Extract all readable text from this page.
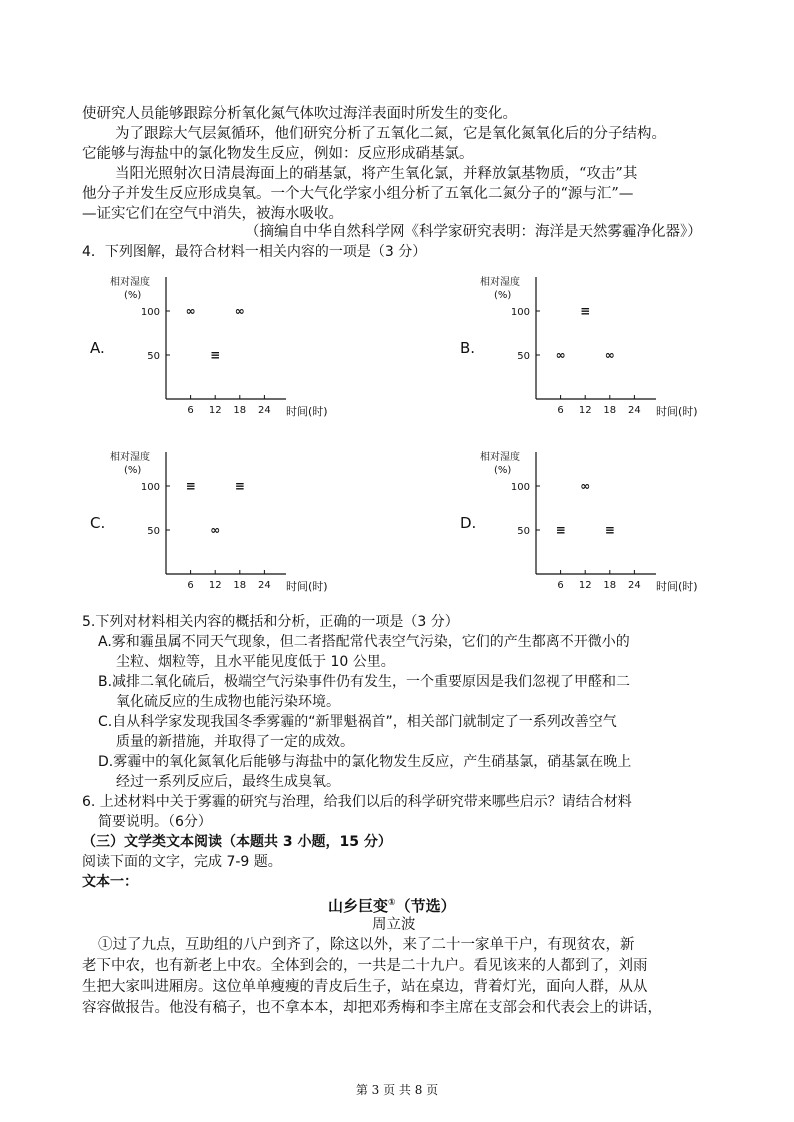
使研究人员能够跟踪分析氧化氮气体吹过海洋表面时所发生的变化。
为了跟踪大气层氮循环，他们研究分析了五氧化二氮，它是氧化氮氧化后的分子结构。
它能够与海盐中的氯化物发生反应，例如：反应形成硝基氯。
当阳光照射次日清晨海面上的硝基氯，将产生氧化氯，并释放氯基物质，“攻击”其
他分子并发生反应形成臭氧。一个大气化学家小组分析了五氧化二氮分子的“源与汇”—
—证实它们在空气中消失，被海水吸收。
（摘编自中华自然科学网《科学家研究表明：海洋是天然雾霾净化器》）
4．下列图解，最符合材料一相关内容的一项是（3 分）
A.
相对湿度
(%)
100
50
6 12 18 24 时间(时)
∞
≡
∞
B.
相对湿度
(%)
100
50
6 12 18 24 时间(时)
∞
≡
∞
C.
相对湿度
(%)
100
50
6 12 18 24 时间(时)
≡
∞
≡
D.
相对湿度
(%)
100
50
6 12 18 24 时间(时)
≡
∞
≡
5.下列对材料相关内容的概括和分析，正确的一项是（3 分）
A.雾和霾虽属不同天气现象，但二者搭配常代表空气污染，它们的产生都离不开微小的
尘粒、烟粒等，且水平能见度低于 10 公里。
B.减排二氧化硫后，极端空气污染事件仍有发生，一个重要原因是我们忽视了甲醛和二
氧化硫反应的生成物也能污染环境。
C.自从科学家发现我国冬季雾霾的“新罪魁祸首”，相关部门就制定了一系列改善空气
质量的新措施，并取得了一定的成效。
D.雾霾中的氧化氮氧化后能够与海盐中的氯化物发生反应，产生硝基氯，硝基氯在晚上
经过一系列反应后，最终生成臭氧。
6. 上述材料中关于雾霾的研究与治理，给我们以后的科学研究带来哪些启示？请结合材料
简要说明。（6分）
（三）文学类文本阅读（本题共 3 小题，15 分）
阅读下面的文字，完成 7-9 题。
文本一：
山乡巨变①（节选）
周立波
①过了九点，互助组的八户到齐了，除这以外，来了二十一家单干户，有现贫农，新
老下中农，也有新老上中农。全体到会的，一共是二十九户。看见该来的人都到了，刘雨
生把大家叫进厢房。这位单单瘦瘦的青皮后生子，站在桌边，背着灯光，面向人群，从从
容容做报告。他没有稿子，也不拿本本，却把邓秀梅和李主席在支部会和代表会上的讲话，
第 3 页 共 8 页
